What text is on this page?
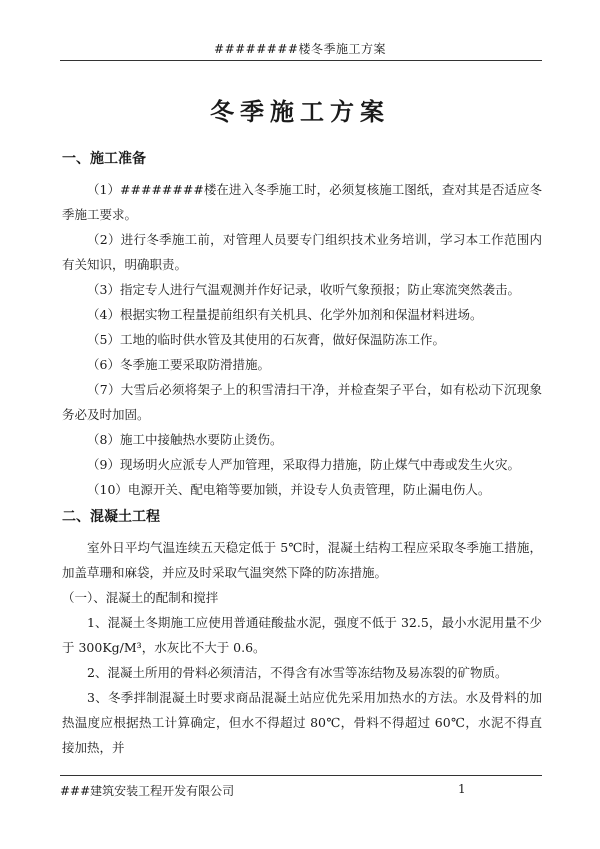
########楼冬季施工方案
冬季施工方案

一、施工准备

（1）########楼在进入冬季施工时，必须复核施工图纸，查对其是否适应冬季施工要求。

（2）进行冬季施工前，对管理人员要专门组织技术业务培训，学习本工作范围内有关知识，明确职责。

（3）指定专人进行气温观测并作好记录，收听气象预报；防止寒流突然袭击。

（4）根据实物工程量提前组织有关机具、化学外加剂和保温材料进场。

（5）工地的临时供水管及其使用的石灰膏，做好保温防冻工作。

（6）冬季施工要采取防滑措施。

（7）大雪后必须将架子上的积雪清扫干净，并检查架子平台，如有松动下沉现象务必及时加固。

（8）施工中接触热水要防止烫伤。

（9）现场明火应派专人严加管理，采取得力措施，防止煤气中毒或发生火灾。

（10）电源开关、配电箱等要加锁，并设专人负责管理，防止漏电伤人。

二、混凝土工程

室外日平均气温连续五天稳定低于 5℃时，混凝土结构工程应采取冬季施工措施，加盖草珊和麻袋，并应及时采取气温突然下降的防冻措施。

（一）、混凝土的配制和搅拌

1、混凝土冬期施工应使用普通硅酸盐水泥，强度不低于 32.5，最小水泥用量不少于 300Kg/M³，水灰比不大于 0.6。

2、混凝土所用的骨料必须清洁，不得含有冰雪等冻结物及易冻裂的矿物质。

3、冬季拌制混凝土时要求商品混凝土站应优先采用加热水的方法。水及骨料的加热温度应根据热工计算确定，但水不得超过 80℃，骨料不得超过 60℃，水泥不得直接加热，并

###建筑安装工程开发有限公司	1
